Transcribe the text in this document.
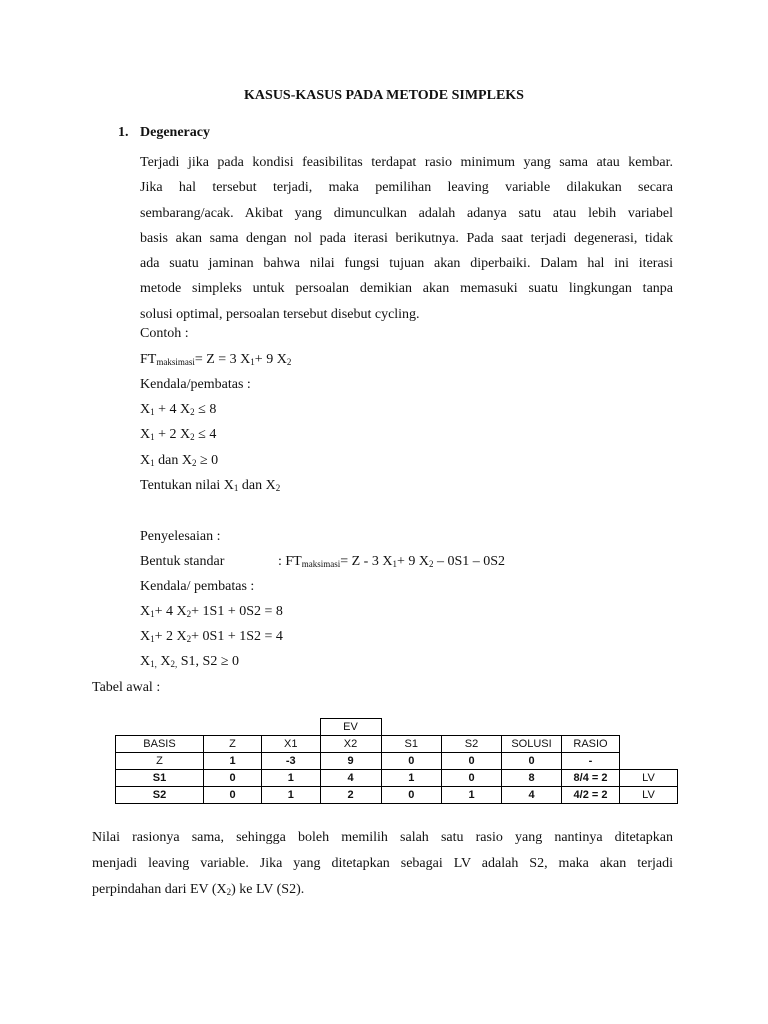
KASUS-KASUS PADA METODE SIMPLEKS
1. Degeneracy
Terjadi jika pada kondisi feasibilitas terdapat rasio minimum yang sama atau kembar.
Jika hal tersebut terjadi, maka pemilihan leaving variable dilakukan secara
sembarang/acak. Akibat yang dimunculkan adalah adanya satu atau lebih variabel
basis akan sama dengan nol pada iterasi berikutnya. Pada saat terjadi degenerasi, tidak
ada suatu jaminan bahwa nilai fungsi tujuan akan diperbaiki. Dalam hal ini iterasi
metode simpleks untuk persoalan demikian akan memasuki suatu lingkungan tanpa
solusi optimal, persoalan tersebut disebut cycling.
Contoh :
$FT_{maksimasi}= Z = 3$ $X_1+ 9$ $X_2$
Kendala/pembatas :
$X_1 + 4$ $X_2 \le 8$
$X_1 + 2$ $X_2 \le 4$
$X_1$ dan $X_2 \ge 0$
Tentukan nilai $X_1$ dan $X_2$
Penyelesaian :
Bentuk standar	: $FT_{maksimasi}= Z - 3$ $X_1+ 9$ $X_2 - 0S1 - 0S2$
Kendala/ pembatas :
$X_1+ 4$ $X_2+ 1S1 + 0S2 = 8$
$X_1+ 2$ $X_2+ 0S1 + 1S2 = 4$
$X_{1,}$ $X_{2,}$ S1, S2 ≥ 0
Tabel awal :
			EV					
BASIS	Z	X1	X2	S1	S2	SOLUSI	RASIO	
Z	1	-3	9	0	0	0	-	
S1	0	1	4	1	0	8	8/4 = 2	LV
S2	0	1	2	0	1	4	4/2 = 2	LV
Nilai rasionya sama, sehingga boleh memilih salah satu rasio yang nantinya ditetapkan
menjadi leaving variable. Jika yang ditetapkan sebagai LV adalah S2, maka akan terjadi
perpindahan dari EV $(X_2)$ ke LV (S2).
